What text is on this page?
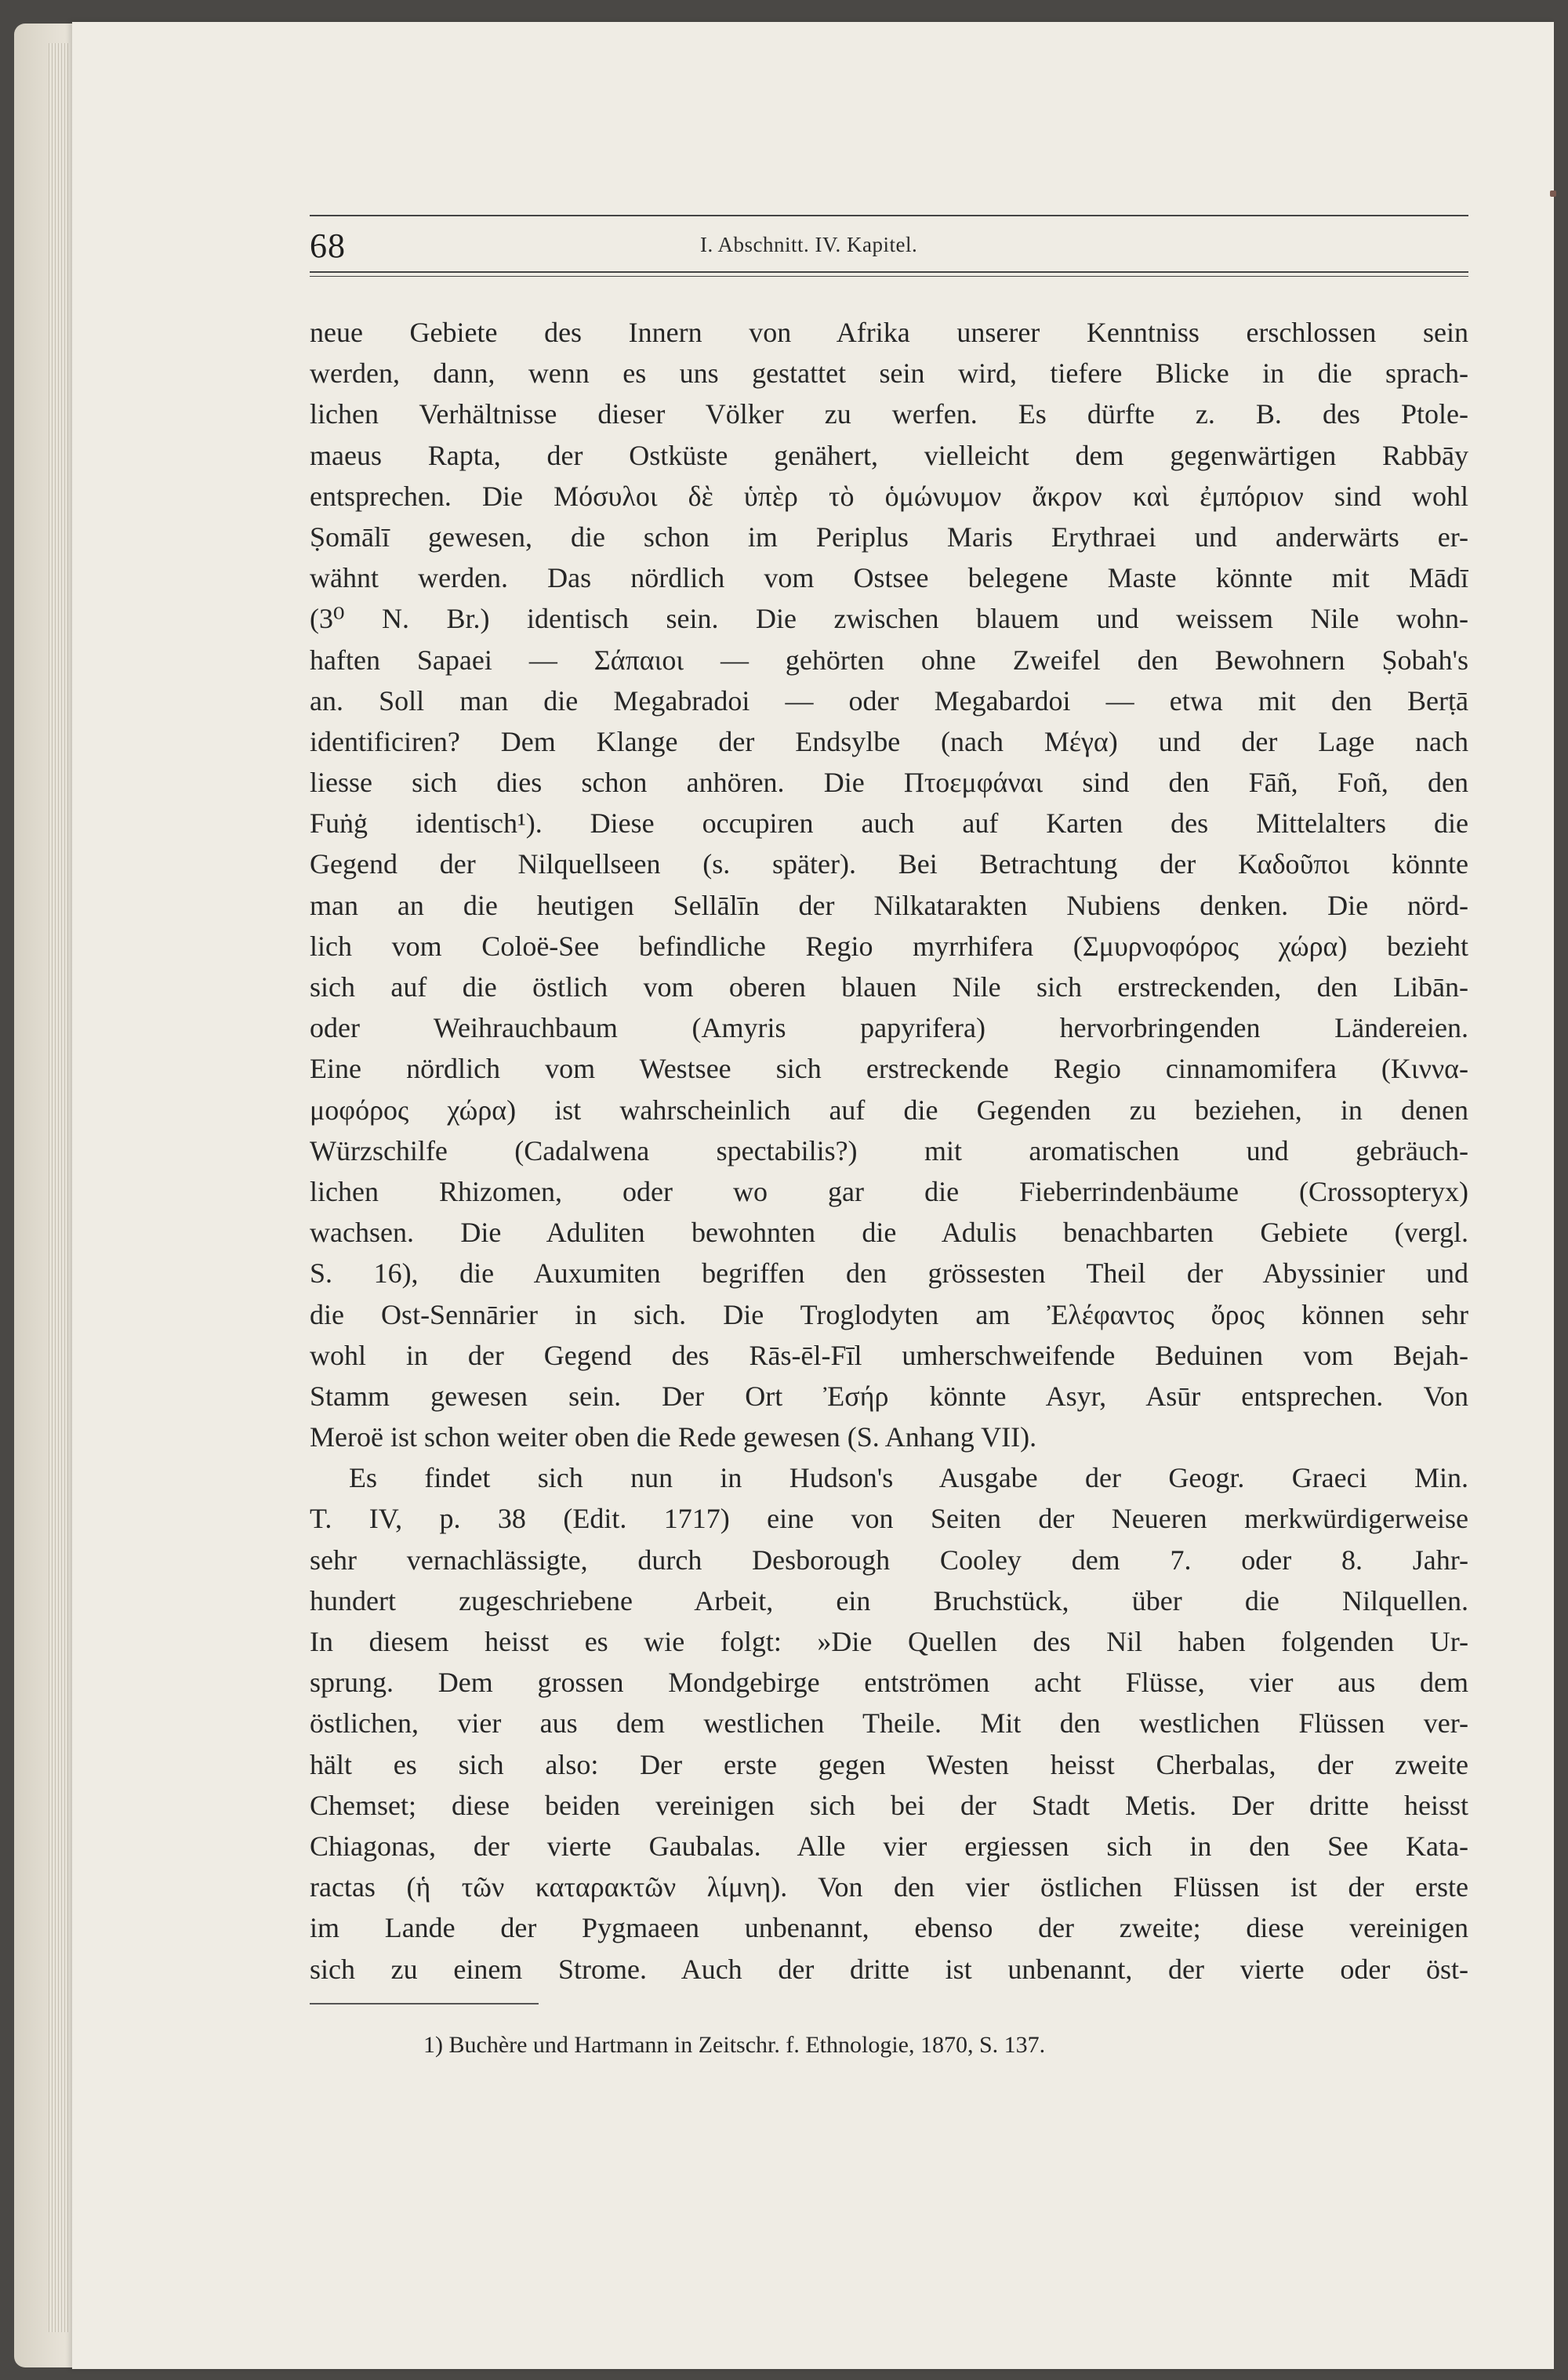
68	I. Abschnitt. IV. Kapitel.
neue Gebiete des Innern von Afrika unserer Kenntniss erschlossen sein
werden, dann, wenn es uns gestattet sein wird, tiefere Blicke in die sprach-
lichen Verhältnisse dieser Völker zu werfen. Es dürfte z. B. des Ptole-
maeus Rapta, der Ostküste genähert, vielleicht dem gegenwärtigen Rabbāy
entsprechen. Die Μόσυλοι δὲ ὑπὲρ τὸ ὁμώνυμον ἄκρον καὶ ἐμπόριον sind wohl
Ṣomālī gewesen, die schon im Periplus Maris Erythraei und anderwärts er-
wähnt werden. Das nördlich vom Ostsee belegene Maste könnte mit Mādī
(3⁰ N. Br.) identisch sein. Die zwischen blauem und weissem Nile wohn-
haften Sapaei — Σάπαιοι — gehörten ohne Zweifel den Bewohnern Ṣobah's
an. Soll man die Megabradoi — oder Megabardoi — etwa mit den Berṭā
identificiren? Dem Klange der Endsylbe (nach Μέγα) und der Lage nach
liesse sich dies schon anhören. Die Πτοεμφάναι sind den Fāñ, Foñ, den
Fuṅġ identisch¹). Diese occupiren auch auf Karten des Mittelalters die
Gegend der Nilquellseen (s. später). Bei Betrachtung der Καδοῦποι könnte
man an die heutigen Sellālīn der Nilkatarakten Nubiens denken. Die nörd-
lich vom Coloë-See befindliche Regio myrrhifera (Σμυρνοφόρος χώρα) bezieht
sich auf die östlich vom oberen blauen Nile sich erstreckenden, den Libān-
oder Weihrauchbaum (Amyris papyrifera) hervorbringenden Ländereien.
Eine nördlich vom Westsee sich erstreckende Regio cinnamomifera (Κιννα-
μοφόρος χώρα) ist wahrscheinlich auf die Gegenden zu beziehen, in denen
Würzschilfe (Cadalwena spectabilis?) mit aromatischen und gebräuch-
lichen Rhizomen, oder wo gar die Fieberrindenbäume (Crossopteryx)
wachsen. Die Aduliten bewohnten die Adulis benachbarten Gebiete (vergl.
S. 16), die Auxumiten begriffen den grössesten Theil der Abyssinier und
die Ost-Sennārier in sich. Die Troglodyten am Ἐλέφαντος ὄρος können sehr
wohl in der Gegend des Rās-ēl-Fīl umherschweifende Beduinen vom Bejah-
Stamm gewesen sein. Der Ort Ἐσήρ könnte Asyr, Asūr entsprechen. Von
Meroë ist schon weiter oben die Rede gewesen (S. Anhang VII).
Es findet sich nun in Hudson's Ausgabe der Geogr. Graeci Min.
T. IV, p. 38 (Edit. 1717) eine von Seiten der Neueren merkwürdigerweise
sehr vernachlässigte, durch Desborough Cooley dem 7. oder 8. Jahr-
hundert zugeschriebene Arbeit, ein Bruchstück, über die Nilquellen.
In diesem heisst es wie folgt: »Die Quellen des Nil haben folgenden Ur-
sprung. Dem grossen Mondgebirge entströmen acht Flüsse, vier aus dem
östlichen, vier aus dem westlichen Theile. Mit den westlichen Flüssen ver-
hält es sich also: Der erste gegen Westen heisst Cherbalas, der zweite
Chemset; diese beiden vereinigen sich bei der Stadt Metis. Der dritte heisst
Chiagonas, der vierte Gaubalas. Alle vier ergiessen sich in den See Kata-
ractas (ἡ τῶν καταρακτῶν λίμνη). Von den vier östlichen Flüssen ist der erste
im Lande der Pygmaeen unbenannt, ebenso der zweite; diese vereinigen
sich zu einem Strome. Auch der dritte ist unbenannt, der vierte oder öst-
1) Buchère und Hartmann in Zeitschr. f. Ethnologie, 1870, S. 137.
